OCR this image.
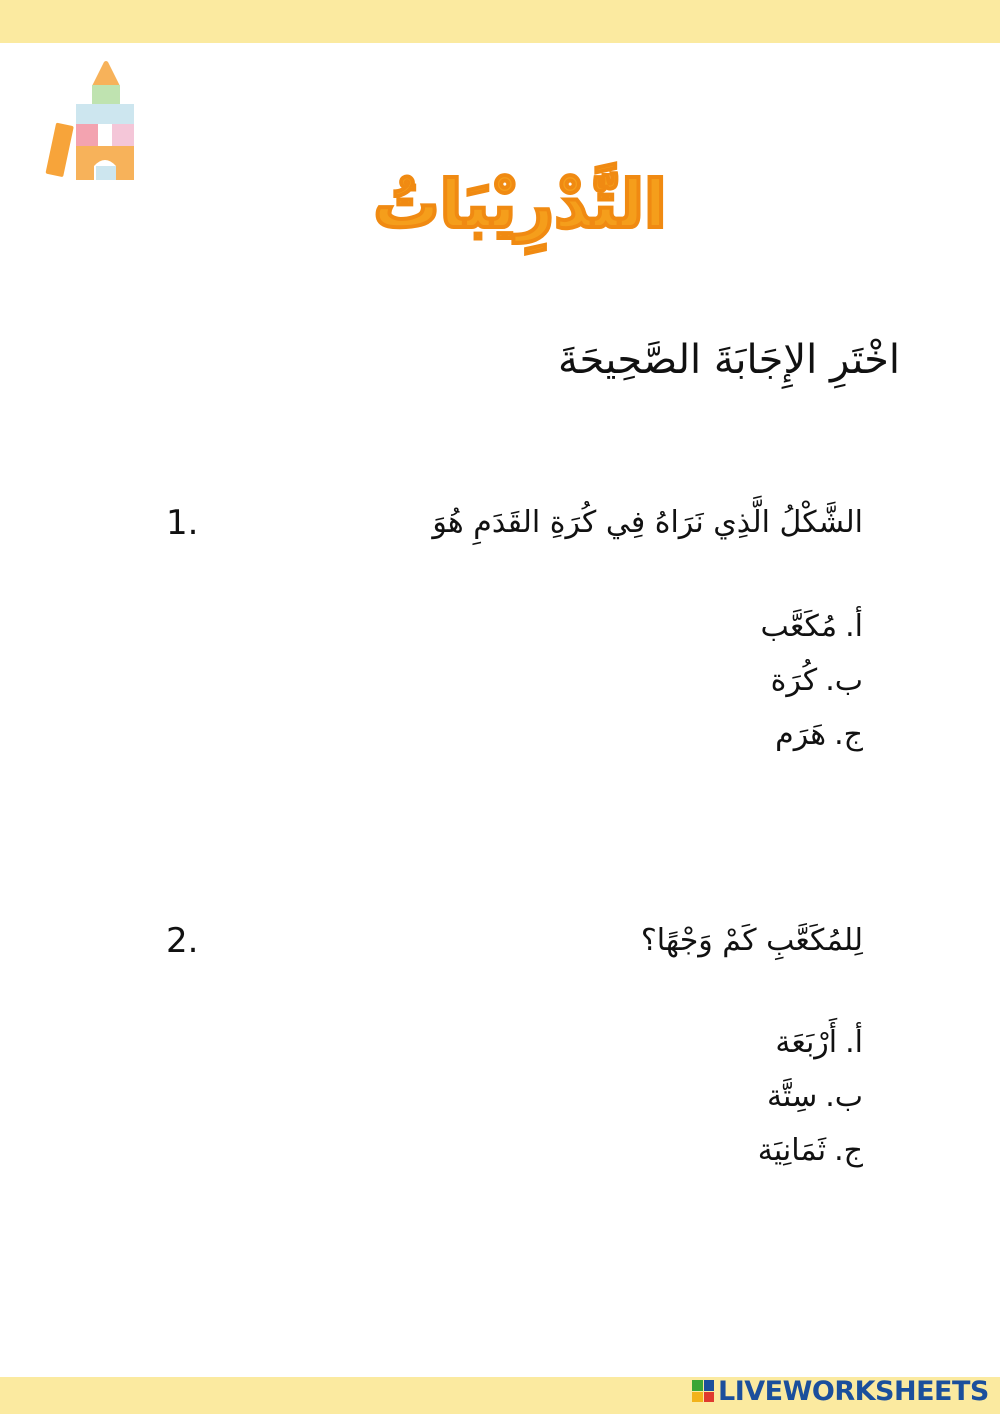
التَّدْرِيْبَاتُ
اخْتَرِ الإِجَابَةَ الصَّحِيحَةَ
1.	الشَّكْلُ الَّذِي نَرَاهُ فِي كُرَةِ القَدَمِ هُوَ
أ.مُكَعَّب
ب.كُرَة
ج.هَرَم
2.	لِلمُكَعَّبِ كَمْ وَجْهًا؟
أ.أَرْبَعَة
ب.سِتَّة
ج.ثَمَانِيَة
LIVEWORKSHEETS
